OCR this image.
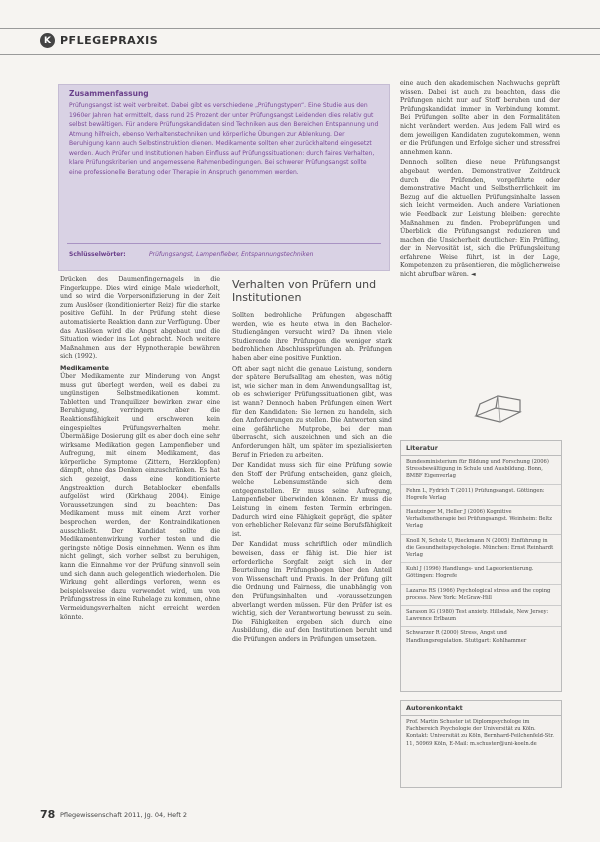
K PFLEGEPRAXIS
Zusammenfassung
Prüfungsangst ist weit verbreitet. Dabei gibt es verschiedene „Prüfungstypen“. Eine Studie aus den 1960er Jahren hat ermittelt, dass rund 25 Prozent der unter Prüfungsangst Leidenden dies relativ gut selbst bewältigen. Für andere Prüfungskandidaten sind Techniken aus den Bereichen Entspannung und Atmung hilfreich, ebenso Verhaltenstechniken und körperliche Übungen zur Ablenkung. Der Beruhigung kann auch Selbstinstruktion dienen. Medikamente sollten eher zurückhaltend eingesetzt werden. Auch Prüfer und Institutionen haben Einfluss auf Prüfungssituationen: durch faires Verhalten, klare Prüfungskriterien und angemessene Rahmenbedingungen. Bei schwerer Prüfungsangst sollte eine professionelle Beratung oder Therapie in Anspruch genommen werden.
Schlüsselwörter:	Prüfungsangst, Lampenfieber, Entspannungstechniken

Drücken des Daumenfingernagels in die Fingerkuppe. Dies wird einige Male wiederholt, und so wird die Vorpersonifizierung in der Zeit zum Auslöser (konditionierter Reiz) für die starke positive Gefühl. In der Prüfung steht diese automatisierte Reaktion dann zur Verfügung. Über das Auslösen wird die Angst abgebaut und die Situation wieder ins Lot gebracht. Noch weitere Maßnahmen aus der Hypnotherapie bewähren sich (1992).

Medikamente

Über Medikamente zur Minderung von Angst muss gut überlegt werden, weil es dabei zu ungünstigen Selbstmedikationen kommt. Tabletten und Tranquilizer bewirken zwar eine Beruhigung, verringern aber die Reaktionsfähigkeit und erschweren kein eingespieltes Prüfungsverhalten mehr. Übermäßige Dosierung gilt es aber doch eine sehr wirksame Medikation gegen Lampenfieber und Aufregung, mit einem Medikament, das körperliche Symptome (Zittern, Herzklopfen) dämpft, ohne das Denken einzuschränken. Es hat sich gezeigt, dass eine konditionierte Angstreaktion durch Betablocker ebenfalls aufgelöst wird (Kirkhaug 2004). Einige Voraussetzungen sind zu beachten: Das Medikament muss mit einem Arzt vorher besprochen werden, der Kontraindikationen ausschließt. Der Kandidat sollte die Medikamentenwirkung vorher testen und die geringste nötige Dosis einnehmen. Wenn es ihm nicht gelingt, sich vorher selbst zu beruhigen, kann die Einnahme vor der Prüfung sinnvoll sein und sich dann auch gelegentlich wiederholen. Die Wirkung geht allerdings verloren, wenn es beispielsweise dazu verwendet wird, um von Prüfungsstress in eine Ruhelage zu kommen, ohne Vermeidungsverhalten nicht erreicht werden könnte.

Verhalten von Prüfern und Institutionen

Sollten bedrohliche Prüfungen abgeschafft werden, wie es heute etwa in den Bachelor-Studiengängen versucht wird? Da ihnen viele Studierende ihre Prüfungen die weniger stark bedrohlichen Abschlussprüfungen ab. Prüfungen haben aber eine positive Funktion.

Oft aber sagt nicht die genaue Leistung, sondern der spätere Berufsalltag am ehesten, was nötig ist, wie sicher man in dem Anwendungsalltag ist, ob es schwieriger Prüfungssituationen gibt, was ist wann? Dennoch haben Prüfungen einen Wert für den Kandidaten: Sie lernen zu handeln, sich den Anforderungen zu stellen. Die Antworten sind eine gefährliche Mutprobe, bei der man überrascht, sich auszeichnen und sich an die Anforderungen hält, um später im spezialisierten Beruf in Frieden zu arbeiten.

Der Kandidat muss sich für eine Prüfung sowie den Stoff der Prüfung entscheiden, ganz gleich, welche Lebensumstände sich dem entgegenstellen. Er muss seine Aufregung, Lampenfieber überwinden können. Er muss die Leistung in einem festen Termin erbringen. Dadurch wird eine Fähigkeit geprägt, die später von erheblicher Relevanz für seine Berufsfähigkeit ist.

Der Kandidat muss schriftlich oder mündlich beweisen, dass er fähig ist. Die hier ist erforderliche Sorgfalt zeigt sich in der Beurteilung im Prüfungsbogen über den Anteil von Wissenschaft und Praxis. In der Prüfung gilt die Ordnung und Fairness, die unabhängig von den Prüfungsinhalten und -voraussetzungen abverlangt werden müssen. Für den Prüfer ist es wichtig, sich der Verantwortung bewusst zu sein. Die Fähigkeiten ergeben sich durch eine Ausbildung, die auf den Institutionen beruht und die Prüfungen anders in Prüfungen umsetzen.

eine auch den akademischen Nachwuchs geprüft wissen. Dabei ist auch zu beachten, dass die Prüfungen nicht nur auf Stoff beruhen und der Prüfungskandidat immer in Verbindung kommt. Bei Prüfungen sollte aber in den Formalitäten nicht verändert werden. Aus jedem Fall wird es dem jeweiligen Kandidaten zugutekommen, wenn er die Prüfungen und Erfolge sicher und stressfrei annehmen kann.

Dennoch sollten diese neue Prüfungsangst abgebaut werden. Demonstrativer Zeitdruck durch die Prüfenden, vorgeführte oder demonstrative Macht und Selbstherrlichkeit im Bezug auf die aktuellen Prüfungsinhalte lassen sich leicht vermeiden. Auch andere Variationen wie Feedback zur Leistung bleiben: gerechte Maßnahmen zu finden. Probeprüfungen und Überblick die Prüfungsangst reduzieren und machen die Unsicherheit deutlicher: Ein Prüfling, der in Nervosität ist, sich die Prüfungsleitung erfahrene Weise führt, ist in der Lage, Kompetenzen zu präsentieren, die möglicherweise nicht abrufbar wären. ◄

Literatur
Bundesministerium für Bildung und Forschung (2006) Stressbewältigung in Schule und Ausbildung. Bonn, BMBF Eigenverlag
Fehm L, Fydrich T (2011) Prüfungsangst. Göttingen: Hogrefe Verlag
Hautzinger M, Heller J (2006) Kognitive Verhaltenstherapie bei Prüfungsangst. Weinheim: Beltz Verlag
Knoll N, Scholz U, Rieckmann N (2005) Einführung in die Gesundheitspsychologie. München: Ernst Reinhardt Verlag
Kuhl J (1996) Handlungs- und Lageorientierung. Göttingen: Hogrefe
Lazarus RS (1966) Psychological stress and the coping process. New York: McGraw-Hill
Sarason IG (1980) Test anxiety. Hillsdale, New Jersey: Lawrence Erlbaum
Schwarzer R (2000) Stress, Angst und Handlungsregulation. Stuttgart: Kohlhammer
Autorenkontakt
Prof. Martin Schuster ist Diplompsychologe im Fachbereich Psychologie der Universität zu Köln. Kontakt: Universität zu Köln, Bernhard-Feilchenfeld-Str. 11, 50969 Köln, E-Mail: m.schuster@uni-koeln.de
78 Pflegewissenschaft 2011, Jg. 04, Heft 2
